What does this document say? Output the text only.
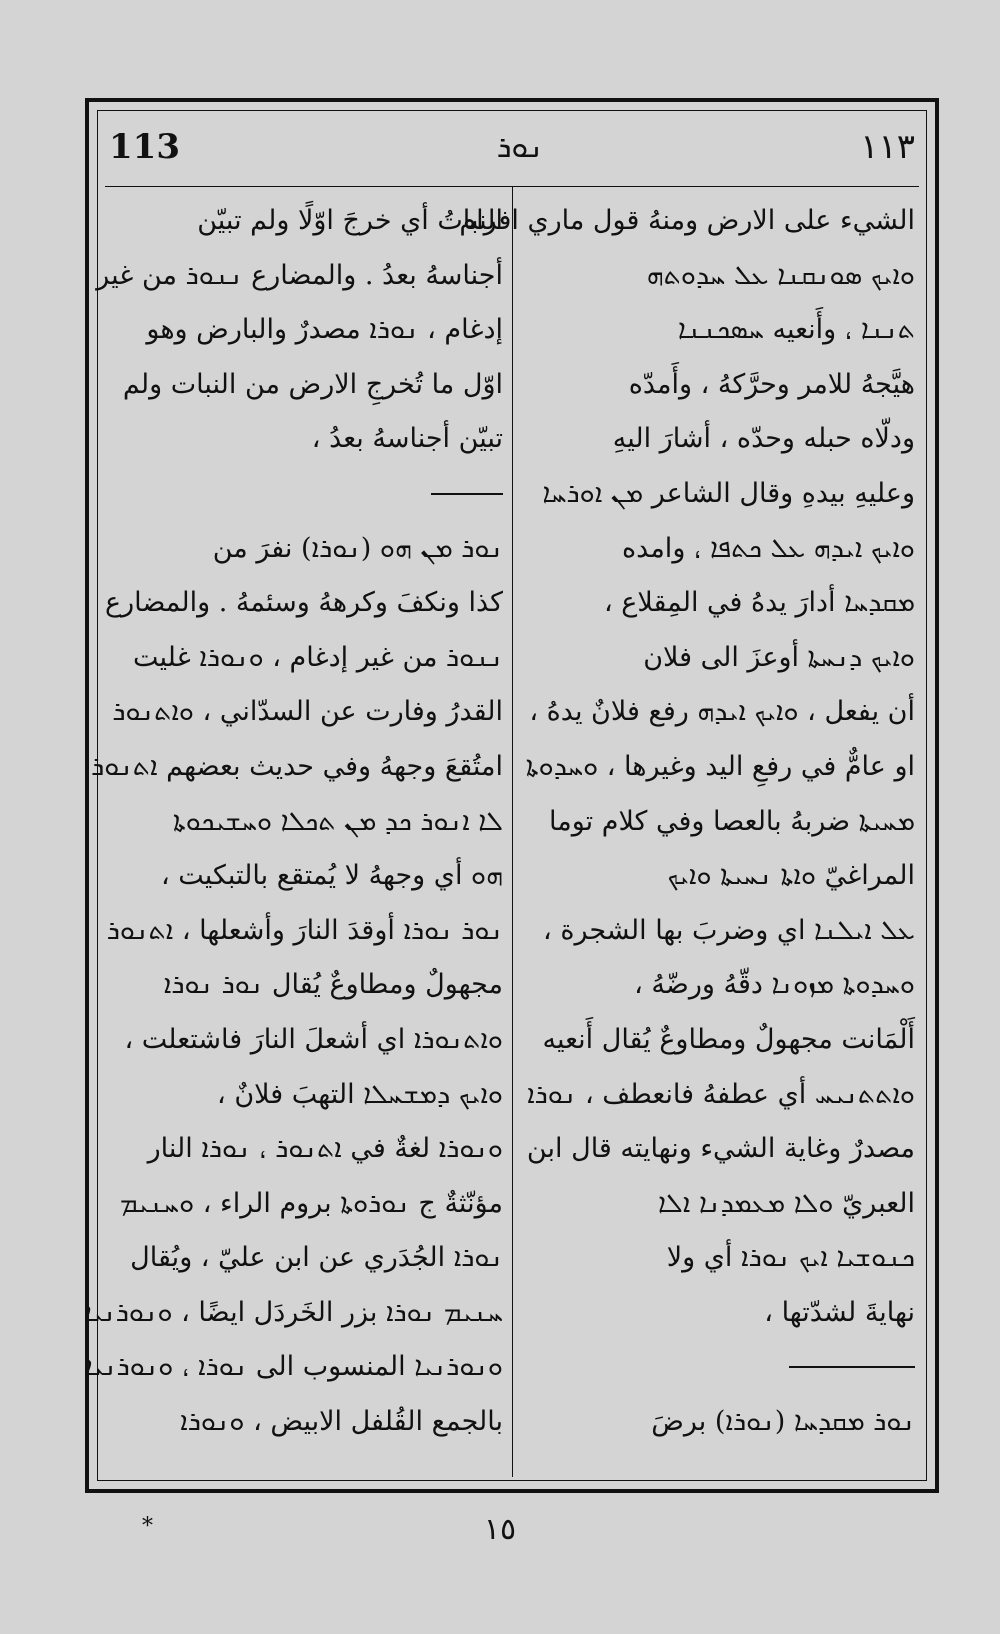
113	ܢܘܪ	١١٣
الشيء على الارض ومنهُ قول ماري افرام
ܘܐܝܟ ܣܘܢܩܢܐ ܥܠ ܚܕܘܬܗ
ܬܢܢܐ ، وأَنعيه ܚܣܟܢܢܐ
هيَّجهُ للامر وحرَّكهُ ، وأَمدّه
ودلّاه حبله وحدّه ، أشارَ اليهِ
وعليهِ بيدهِ وقال الشاعر ܡܢ ܐܘܪܚܐ
ܘܐܝܟ ܐܝܕܗ ܥܠ ܟܬܦܐ ، وامده
ܡܩܕܚܐ أدارَ يدهُ في المِقلاع ،
ܘܐܝܟ ܕܢܚܬܐ أوعزَ الى فلان
أن يفعل ، ܘܐܝܟ ܐܝܕܗ رفع فلانٌ يدهُ ،
او عامٌّ في رفعِ اليد وغيرها ، ܘܚܕܘܬܐ
ܡܚܝܬܐ ضربهُ بالعصا وفي كلام توما
المراغيّ ܘܐܬܐ ܢܚܝܬܐ ܘܐܝܟ
ܥܠ ܐܝܠܢܐ اي وضربَ بها الشجرة ،
ܘܚܕܘܬܐ ܡܙܘܢܐ دقّهُ ورضّهُ ،
أَلْمَانت مجهولٌ ومطاوعٌ يُقال أَنعيه
ܘܐܬܬܢܝܚ أي عطفهُ فانعطف ، ܢܘܪܐ
مصدرٌ وغاية الشيء ونهايته قال ابن
العبريّ ܘܠܐ ܡܥܡܕܢܐ ܐܠܐ
ܟܢܘܫܝܐ ܐܝܟ ܢܘܪܐ أي ولا
نهايةَ لشدّتها ،
ܢܘܪ ܡܩܕܚܐ (ܢܘܪܐ) برضَ
النباتُ أي خرجَ اوّلًا ولم تبيّن
أجناسهُ بعدُ . والمضارع ܢܢܘܪ من غير
إدغام ، ܢܘܪܐ مصدرٌ والبارض وهو
اوّل ما تُخرجِ الارض من النبات ولم
تبيّن أجناسهُ بعدُ ،
ܢܘܪ ܡܢ ܗܘ (ܢܘܪܐ) نفرَ من
كذا ونكفَ وكرههُ وسئمهُ . والمضارع
ܢܢܘܪ من غير إدغام ، ܘܢܘܪܐ غليت
القدرُ وفارت عن السدّاني ، ܘܐܬܢܘܪ
امتُقعَ وجههُ وفي حديث بعضهم ܐܬܢܘܪ
ܠܐ ܐܢܘܪ ܟܕ ܡܢ ܬܟܠܐ ܘܚܫܝܟܘܬܐ
ܗܘ أي وجههُ لا يُمتقع بالتبكيت ،
ܢܘܪ ܢܘܪܐ أوقدَ النارَ وأشعلها ، ܐܬܢܘܪ
مجهولٌ ومطاوعٌ يُقال ܢܘܪ ܢܘܪܐ
ܘܐܬܢܘܪܐ اي أشعلَ النارَ فاشتعلت ،
ܘܐܝܟ ܕܡܫܚܠܐ التهبَ فلانٌ ،
ܘܢܘܪܐ لغةٌ في ܐܬܢܘܪ ، ܢܘܪܐ النار
مؤنّثةٌ ج ܢܘܪܘܬܐ بروم الراء ، ܘܚܢܝܡ
ܢܘܪܐ الجُدَري عن ابن عليّ ، ويُقال
ܚܢܝܡ ܢܘܪܐ بزر الخَردَل ايضًا ، ܘܢܘܪܢܝܐ
ܘܢܘܪܢܝܐ المنسوب الى ܢܘܪܐ ، ܘܢܘܪܢܝܐ
بالجمع القُلفل الابيض ، ܘܢܘܪܐ
*	١٥
